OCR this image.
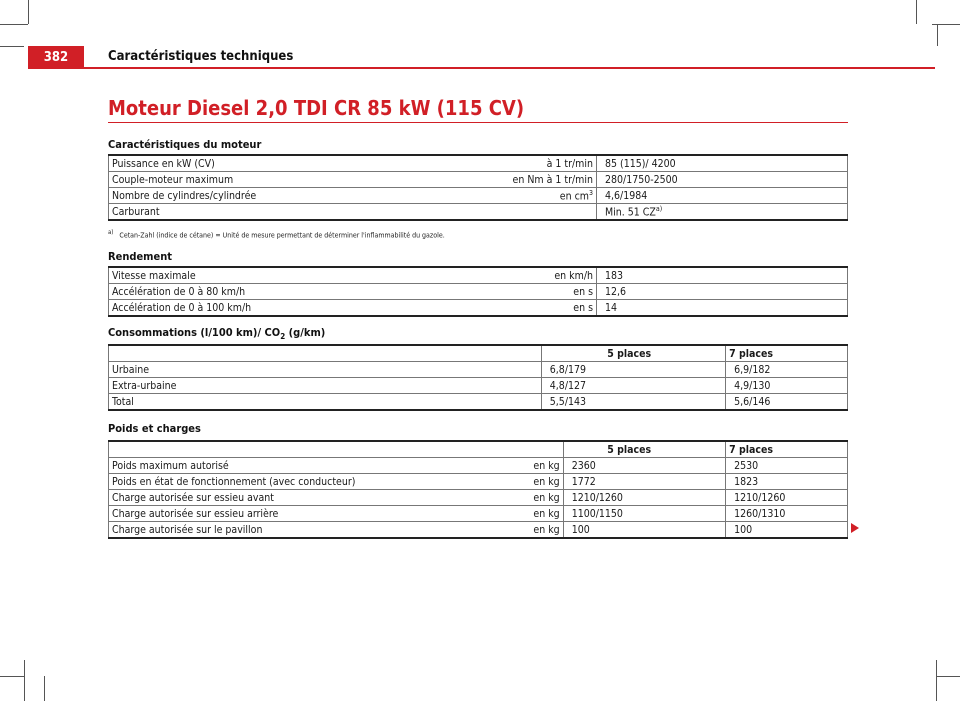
382	Caractéristiques techniques
Moteur Diesel 2,0 TDI CR 85 kW (115 CV)
Caractéristiques du moteur
Puissance en kW (CV)	à 1 tr/min	85 (115)/ 4200
Couple-moteur maximum	en Nm à 1 tr/min	280/1750-2500
Nombre de cylindres/cylindrée	en $cm^3$	4,6/1984
Carburant		Min. 51 CZ$^{a)}$
$^{a)}$ Cetan-Zahl (indice de cétane) = Unité de mesure permettant de déterminer l'inflammabilité du gazole.
Rendement
Vitesse maximale	en km/h	183
Accélération de 0 à 80 km/h	en s	12,6
Accélération de 0 à 100 km/h	en s	14
Consommations (l/100 km)/ $CO_2$ (g/km)
	5 places	7 places
Urbaine	6,8/179	6,9/182
Extra-urbaine	4,8/127	4,9/130
Total	5,5/143	5,6/146
Poids et charges
		5 places	7 places
Poids maximum autorisé	en kg	2360	2530
Poids en état de fonctionnement (avec conducteur)	en kg	1772	1823
Charge autorisée sur essieu avant	en kg	1210/1260	1210/1260
Charge autorisée sur essieu arrière	en kg	1100/1150	1260/1310
Charge autorisée sur le pavillon	en kg	100	100
